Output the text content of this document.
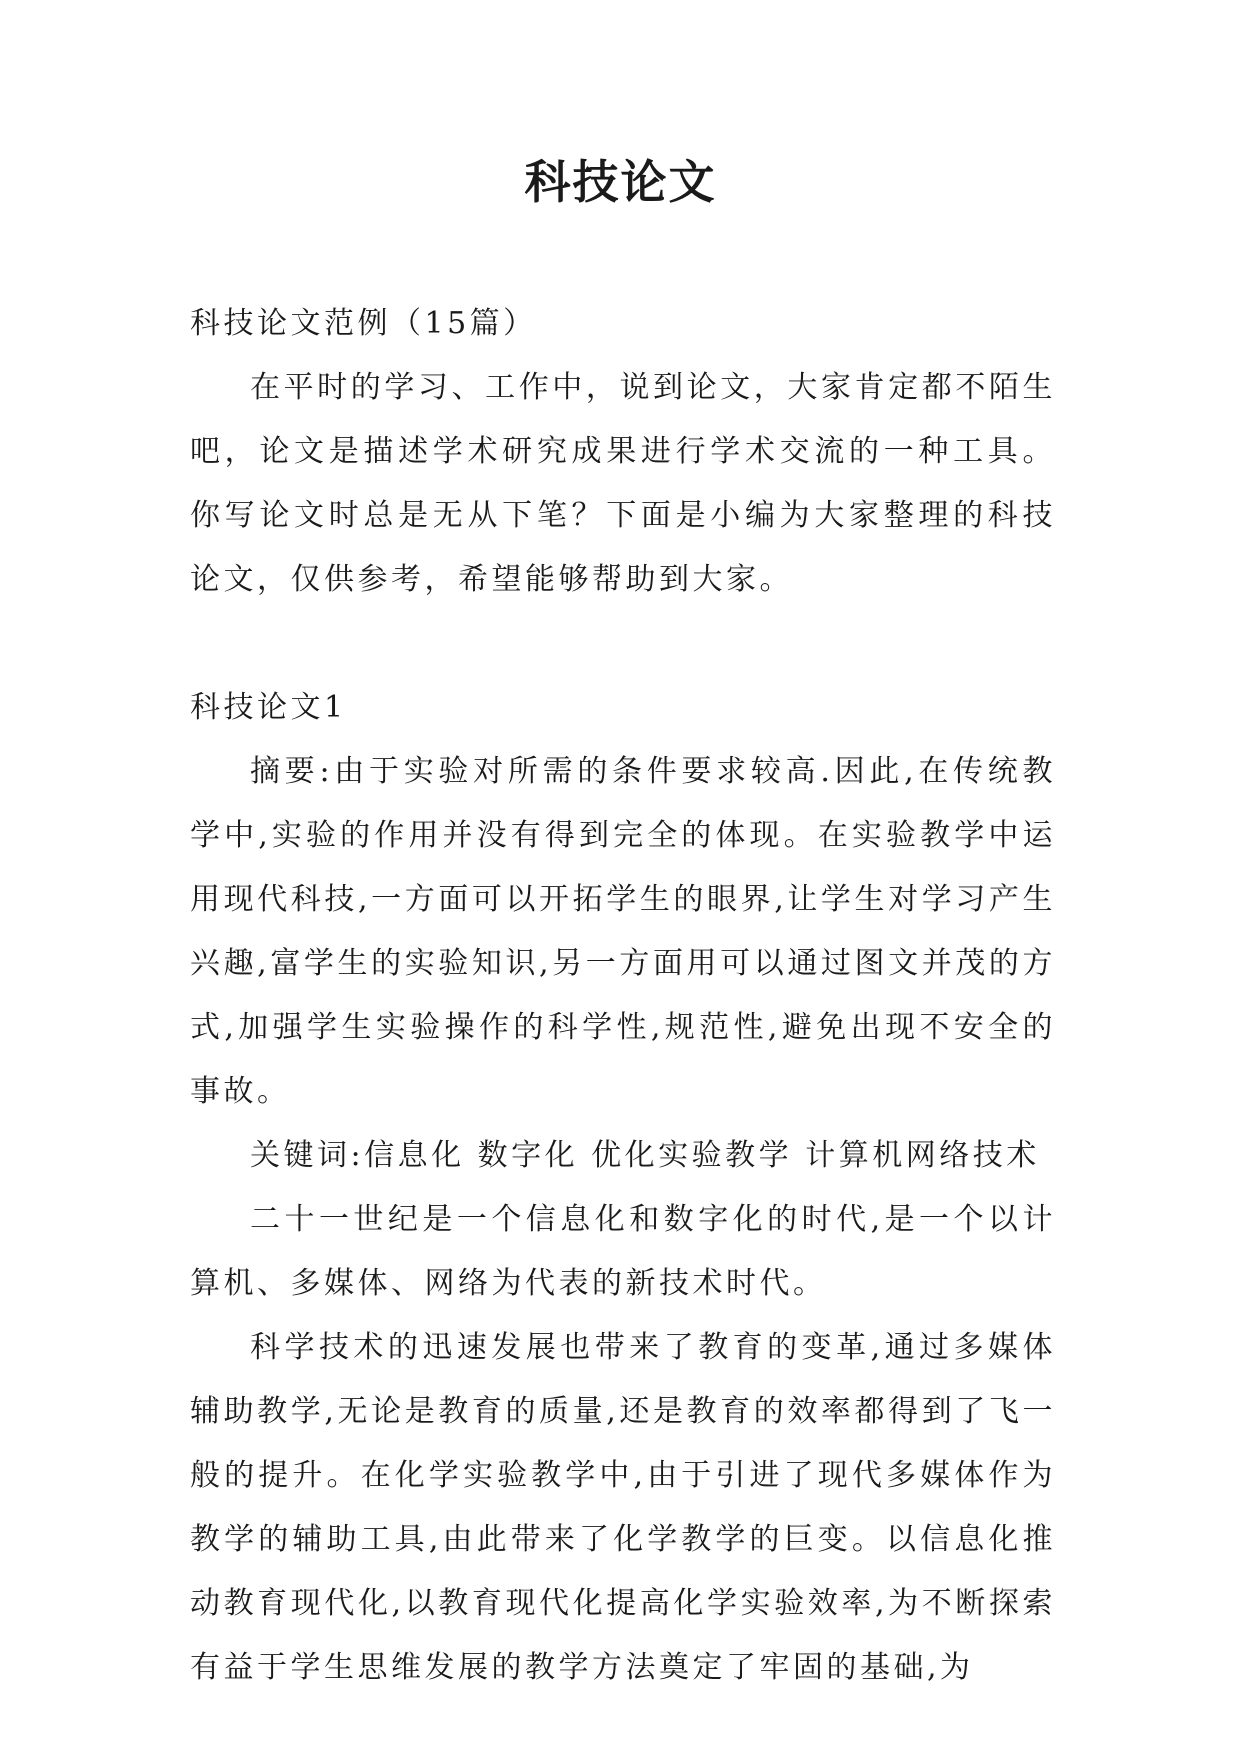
科技论文

科技论文范例（15篇）

在平时的学习、工作中，说到论文，大家肯定都不陌生吧，论文是描述学术研究成果进行学术交流的一种工具。你写论文时总是无从下笔？下面是小编为大家整理的科技论文，仅供参考，希望能够帮助到大家。

科技论文1

摘要:由于实验对所需的条件要求较高.因此,在传统教学中,实验的作用并没有得到完全的体现。在实验教学中运用现代科技,一方面可以开拓学生的眼界,让学生对学习产生兴趣,富学生的实验知识,另一方面用可以通过图文并茂的方式,加强学生实验操作的科学性,规范性,避免出现不安全的事故。

关键词:信息化 数字化 优化实验教学 计算机网络技术

二十一世纪是一个信息化和数字化的时代,是一个以计算机、多媒体、网络为代表的新技术时代。

科学技术的迅速发展也带来了教育的变革,通过多媒体辅助教学,无论是教育的质量,还是教育的效率都得到了飞一般的提升。在化学实验教学中,由于引进了现代多媒体作为教学的辅助工具,由此带来了化学教学的巨变。以信息化推动教育现代化,以教育现代化提高化学实验效率,为不断探索有益于学生思维发展的教学方法奠定了牢固的基础,为
